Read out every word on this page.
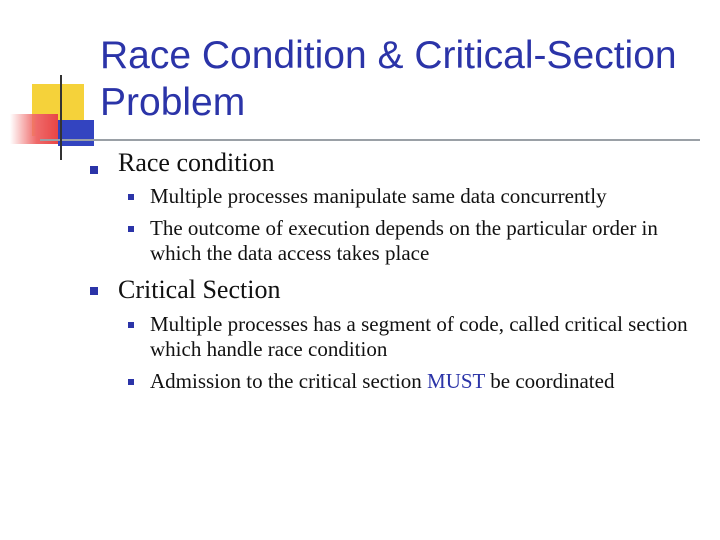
Race Condition & Critical-Section Problem
Race condition
Multiple processes manipulate same data concurrently
The outcome of execution depends on the particular order in which the data access takes place
Critical Section
Multiple processes has a segment of code, called critical section which handle race condition
Admission to the critical section MUST be coordinated
